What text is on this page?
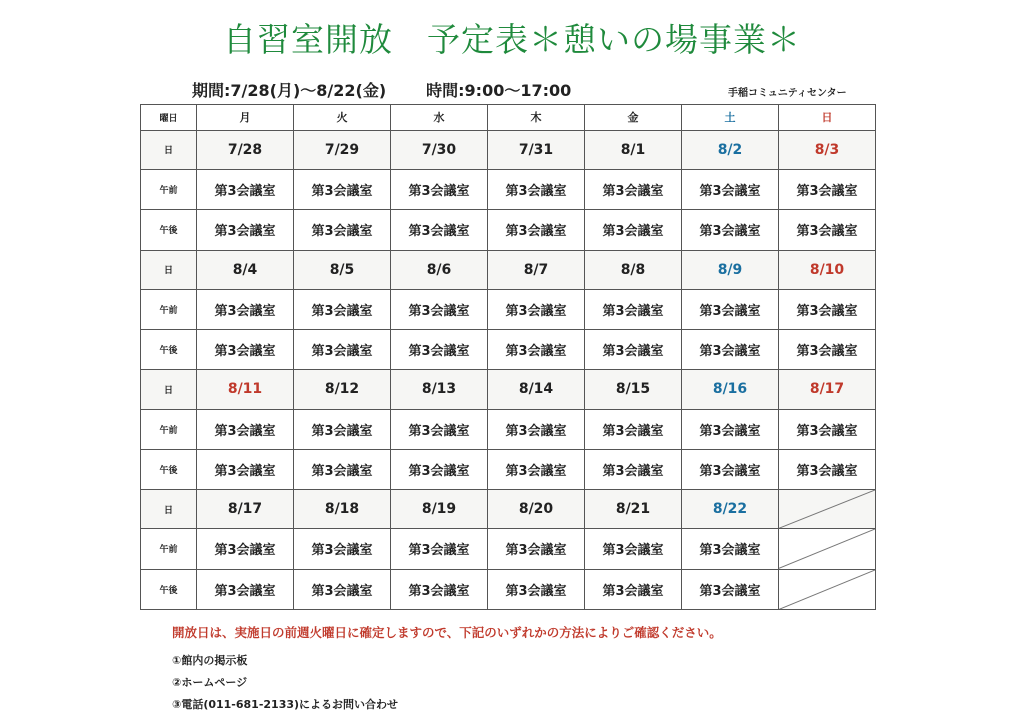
自習室開放　予定表＊憩いの場事業＊
期間:7/28(月)～8/22(金)	時間:9:00～17:00	手稲コミュニティセンター
曜日	月	火	水	木	金	土	日
日	7/28	7/29	7/30	7/31	8/1	8/2	8/3
午前	第3会議室	第3会議室	第3会議室	第3会議室	第3会議室	第3会議室	第3会議室
午後	第3会議室	第3会議室	第3会議室	第3会議室	第3会議室	第3会議室	第3会議室
日	8/4	8/5	8/6	8/7	8/8	8/9	8/10
午前	第3会議室	第3会議室	第3会議室	第3会議室	第3会議室	第3会議室	第3会議室
午後	第3会議室	第3会議室	第3会議室	第3会議室	第3会議室	第3会議室	第3会議室
日	8/11	8/12	8/13	8/14	8/15	8/16	8/17
午前	第3会議室	第3会議室	第3会議室	第3会議室	第3会議室	第3会議室	第3会議室
午後	第3会議室	第3会議室	第3会議室	第3会議室	第3会議室	第3会議室	第3会議室
日	8/17	8/18	8/19	8/20	8/21	8/22	

午前	第3会議室	第3会議室	第3会議室	第3会議室	第3会議室	第3会議室	

午後	第3会議室	第3会議室	第3会議室	第3会議室	第3会議室	第3会議室	
開放日は、実施日の前週火曜日に確定しますので、下記のいずれかの方法によりご確認ください。
①館内の掲示板
②ホームページ
③電話(011-681-2133)によるお問い合わせ
